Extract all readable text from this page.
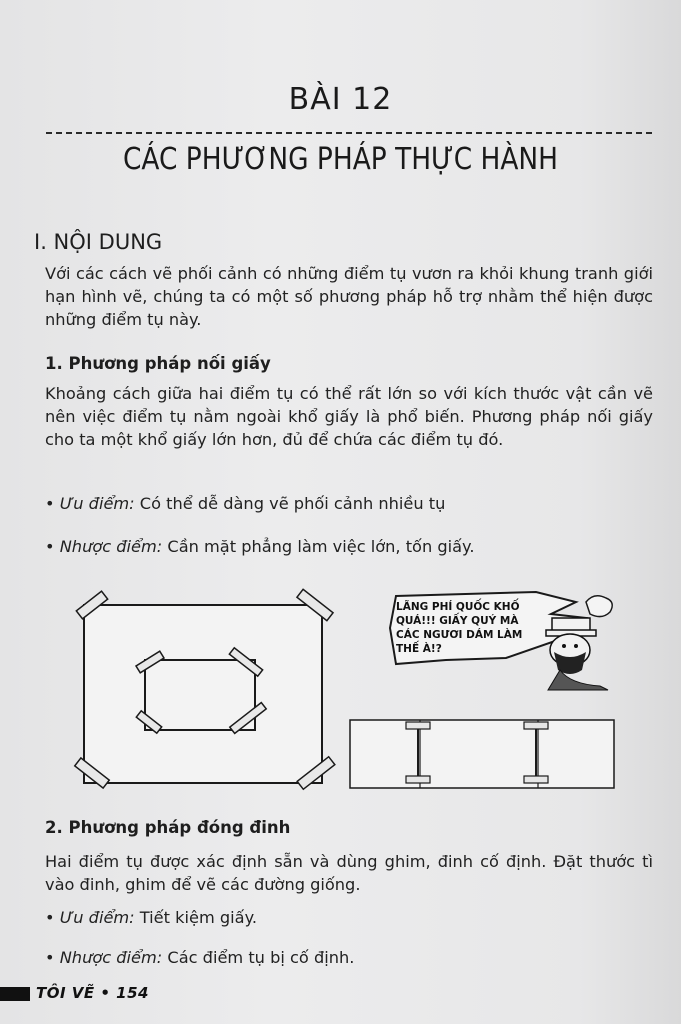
BÀI 12
CÁC PHƯƠNG PHÁP THỰC HÀNH
I. NỘI DUNG
Với các cách vẽ phối cảnh có những điểm tụ vươn ra khỏi khung tranh giới hạn hình vẽ, chúng ta có một số phương pháp hỗ trợ nhằm thể hiện được những điểm tụ này.
1. Phương pháp nối giấy
Khoảng cách giữa hai điểm tụ có thể rất lớn so với kích thước vật cần vẽ nên việc điểm tụ nằm ngoài khổ giấy là phổ biến. Phương pháp nối giấy cho ta một khổ giấy lớn hơn, đủ để chứa các điểm tụ đó.
• Ưu điểm: Có thể dễ dàng vẽ phối cảnh nhiều tụ
• Nhược điểm: Cần mặt phẳng làm việc lớn, tốn giấy.
LÃNG PHÍ QUỐC KHỐ
QUÁ!!! GIẤY QUÝ MÀ
CÁC NGƯƠI DÁM LÀM
THẾ À!?
2. Phương pháp đóng đinh
Hai điểm tụ được xác định sẵn và dùng ghim, đinh cố định. Đặt thước tì vào đinh, ghim để vẽ các đường giống.
• Ưu điểm: Tiết kiệm giấy.
• Nhược điểm: Các điểm tụ bị cố định.
TÔI VẼ • 154
